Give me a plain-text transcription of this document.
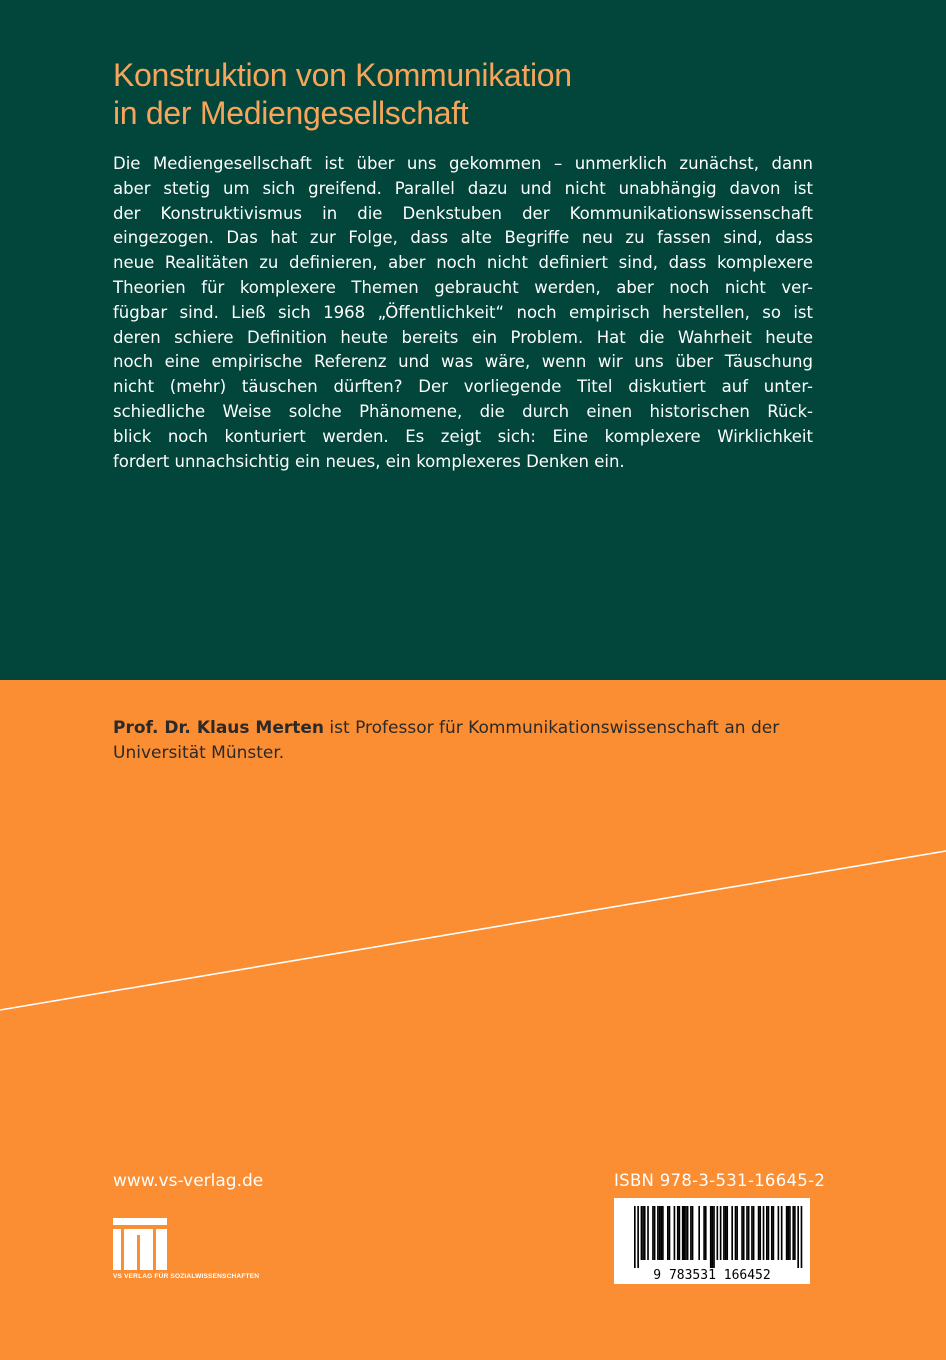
Konstruktion von Kommunikation
in der Mediengesellschaft

Die Mediengesellschaft ist über uns gekommen – unmerklich zunächst, dann
aber stetig um sich greifend. Parallel dazu und nicht unabhängig davon ist
der Konstruktivismus in die Denkstuben der Kommunikationswissenschaft
eingezogen. Das hat zur Folge, dass alte Begriffe neu zu fassen sind, dass
neue Realitäten zu definieren, aber noch nicht definiert sind, dass komplexere
Theorien für komplexere Themen gebraucht werden, aber noch nicht ver-
fügbar sind. Ließ sich 1968 „Öffentlichkeit“ noch empirisch herstellen, so ist
deren schiere Definition heute bereits ein Problem. Hat die Wahrheit heute
noch eine empirische Referenz und was wäre, wenn wir uns über Täuschung
nicht (mehr) täuschen dürften? Der vorliegende Titel diskutiert auf unter-
schiedliche Weise solche Phänomene, die durch einen historischen Rück-
blick noch konturiert werden. Es zeigt sich: Eine komplexere Wirklichkeit
fordert unnachsichtig ein neues, ein komplexeres Denken ein.

Prof. Dr. Klaus Merten ist Professor für Kommunikationswissenschaft an der Universität Münster.

www.vs-verlag.de
VS VERLAG FÜR SOZIALWISSENSCHAFTEN
ISBN 978-3-531-16645-2
9 783531 166452
